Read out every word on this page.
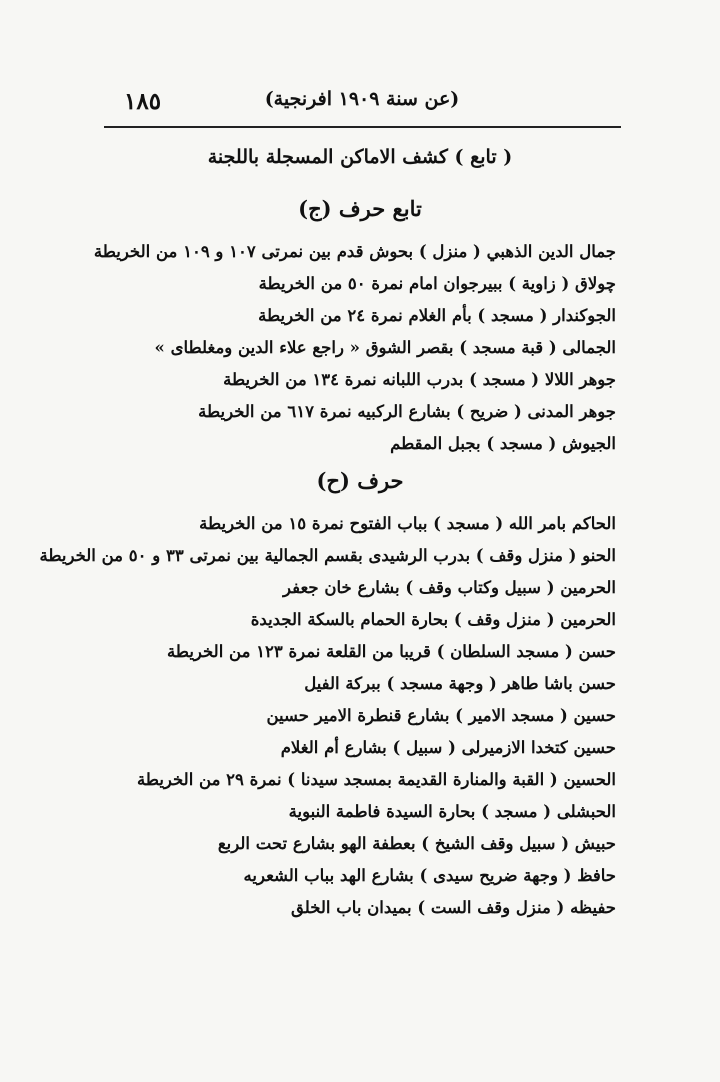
١٨٥	(عن سنة ١٩٠٩ افرنجية)
( تابع ) كشف الاماكن المسجلة باللجنة
تابع حرف (ج)
جمال الدين الذهبي ( منزل ) بحوش قدم بين نمرتى ١٠٧ و ١٠٩ من الخريطة
چولاق ( زاوية ) ببيرجوان امام نمرة ٥٠ من الخريطة
الجوكندار ( مسجد ) بأم الغلام نمرة ٢٤ من الخريطة
الجمالى ( قبة مسجد ) بقصر الشوق « راجع علاء الدين ومغلطاى »
جوهر اللالا ( مسجد ) بدرب اللبانه نمرة ١٣٤ من الخريطة
جوهر المدنى ( ضريح ) بشارع الركبيه نمرة ٦١٧ من الخريطة
الجيوش ( مسجد ) بجبل المقطم
حرف (ح)
الحاكم بامر الله ( مسجد ) بباب الفتوح نمرة ١٥ من الخريطة
الحنو ( منزل وقف ) بدرب الرشيدى بقسم الجمالية بين نمرتى ٣٣ و ٥٠ من الخريطة
الحرمين ( سبيل وكتاب وقف ) بشارع خان جعفر
الحرمين ( منزل وقف ) بحارة الحمام بالسكة الجديدة
حسن ( مسجد السلطان ) قريبا من القلعة نمرة ١٢٣ من الخريطة
حسن باشا طاهر ( وجهة مسجد ) ببركة الفيل
حسين ( مسجد الامير ) بشارع قنطرة الامير حسين
حسين كتخدا الازميرلى ( سبيل ) بشارع أم الغلام
الحسين ( القبة والمنارة القديمة بمسجد سيدنا ) نمرة ٢٩ من الخريطة
الحبشلى ( مسجد ) بحارة السيدة فاطمة النبوية
حبيش ( سبيل وقف الشيخ ) بعطفة الهو بشارع تحت الربع
حافظ ( وجهة ضريح سيدى ) بشارع الهد بباب الشعريه
حفيظه ( منزل وقف الست ) بميدان باب الخلق
